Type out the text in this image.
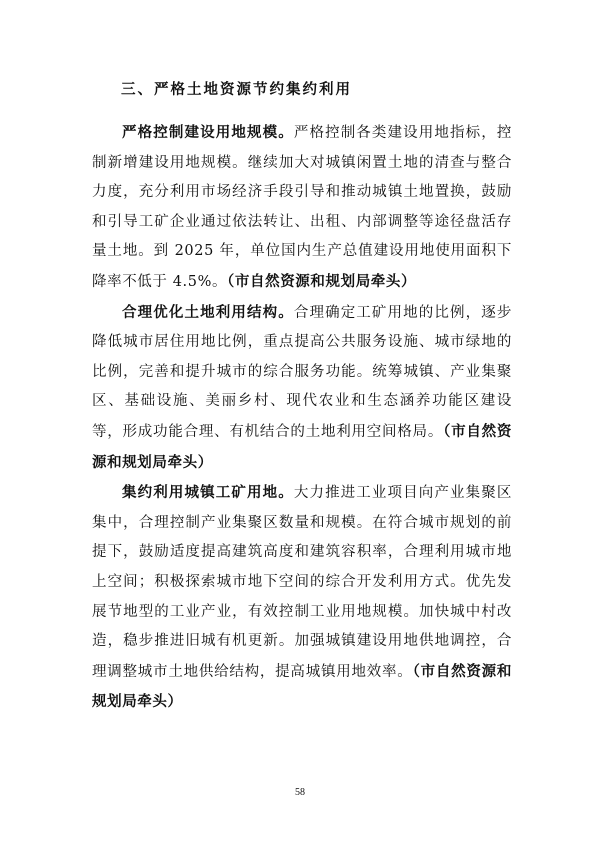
三、严格土地资源节约集约利用

严格控制建设用地规模。严格控制各类建设用地指标，控制新增建设用地规模。继续加大对城镇闲置土地的清查与整合力度，充分利用市场经济手段引导和推动城镇土地置换，鼓励和引导工矿企业通过依法转让、出租、内部调整等途径盘活存量土地。到 2025 年，单位国内生产总值建设用地使用面积下降率不低于 4.5%。（市自然资源和规划局牵头）

合理优化土地利用结构。合理确定工矿用地的比例，逐步降低城市居住用地比例，重点提高公共服务设施、城市绿地的比例，完善和提升城市的综合服务功能。统筹城镇、产业集聚区、基础设施、美丽乡村、现代农业和生态涵养功能区建设等，形成功能合理、有机结合的土地利用空间格局。（市自然资源和规划局牵头）

集约利用城镇工矿用地。大力推进工业项目向产业集聚区集中，合理控制产业集聚区数量和规模。在符合城市规划的前提下，鼓励适度提高建筑高度和建筑容积率，合理利用城市地上空间；积极探索城市地下空间的综合开发利用方式。优先发展节地型的工业产业，有效控制工业用地规模。加快城中村改造，稳步推进旧城有机更新。加强城镇建设用地供地调控，合理调整城市土地供给结构，提高城镇用地效率。（市自然资源和规划局牵头）

58
